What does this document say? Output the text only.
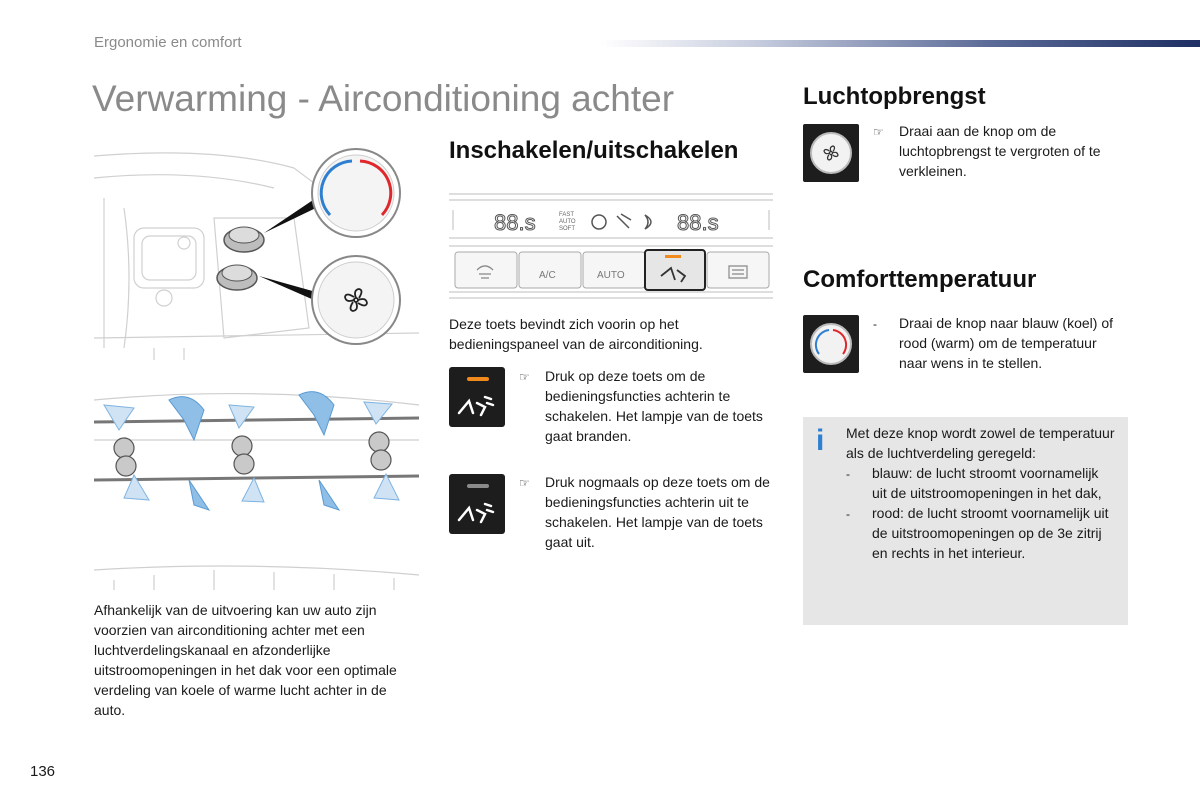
Ergonomie en comfort
Verwarming - Airconditioning achter
Afhankelijk van de uitvoering kan uw auto zijn voorzien van airconditioning achter met een luchtverdelingskanaal en afzonderlijke uitstroomopeningen in het dak voor een optimale verdeling van koele of warme lucht achter in de auto.
Inschakelen/uitschakelen
88.s	FAST
AUTO
SOFT	88.s
A/C	AUTO
Deze toets bevindt zich voorin op het bedieningspaneel van de airconditioning.
☞	Druk op deze toets om de bedieningsfuncties achterin te schakelen. Het lampje van de toets gaat branden.
☞	Druk nogmaals op deze toets om de bedieningsfuncties achterin uit te schakelen. Het lampje van de toets gaat uit.
Luchtopbrengst
☞	Draai aan de knop om de luchtopbrengst te vergroten of te verkleinen.
Comforttemperatuur
-	Draai de knop naar blauw (koel) of rood (warm) om de temperatuur naar wens in te stellen.
i Met deze knop wordt zowel de temperatuur als de luchtverdeling geregeld:
-	blauw: de lucht stroomt voornamelijk uit de uitstroomopeningen in het dak,
-	rood: de lucht stroomt voornamelijk uit de uitstroomopeningen op de 3e zitrij en rechts in het interieur.
136
